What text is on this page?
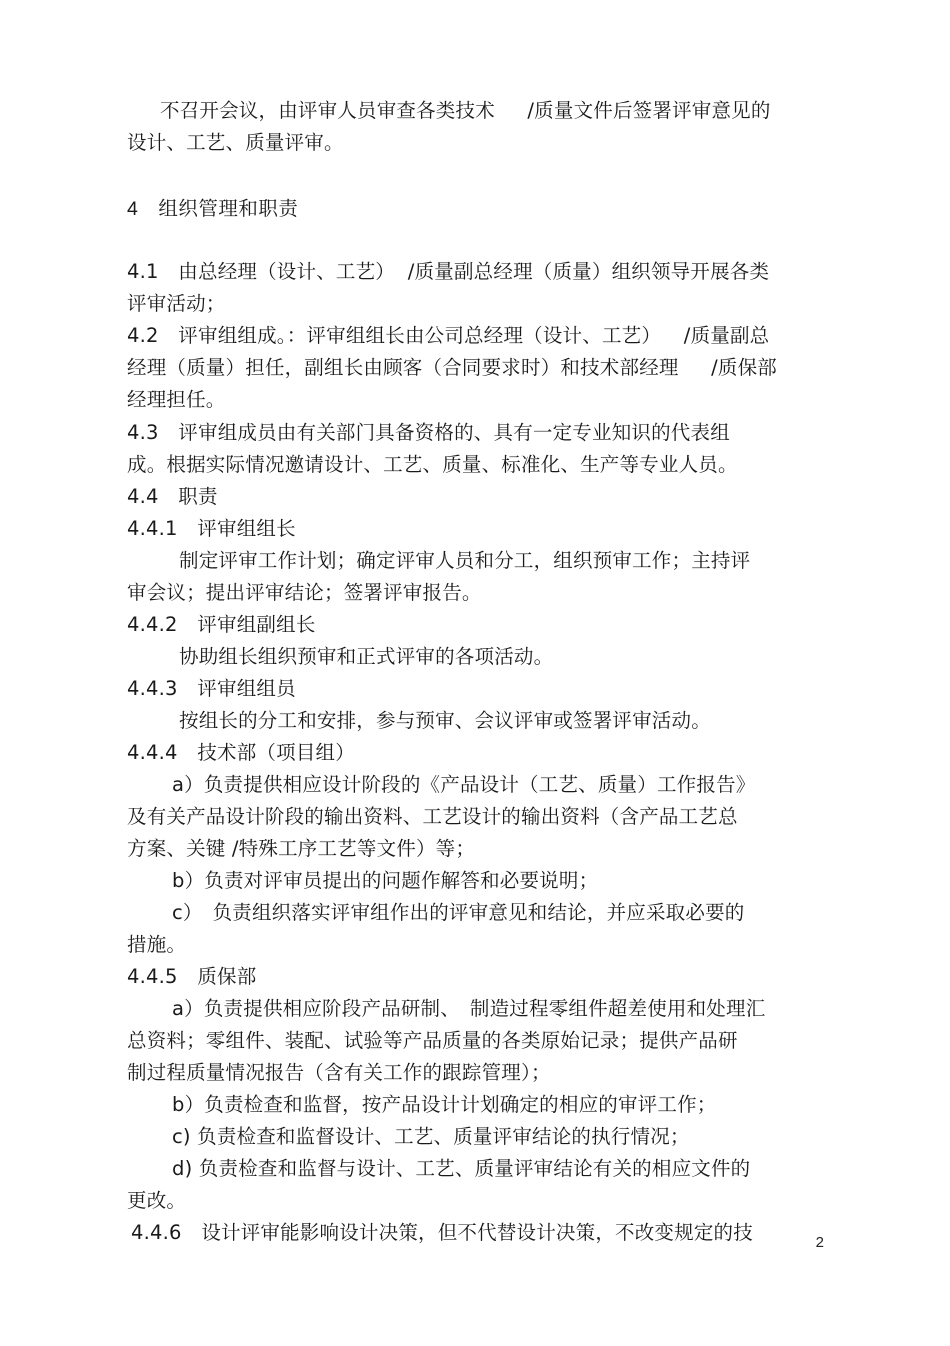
不召开会议，由评审人员审查各类技术　  /质量文件后签署评审意见的
设计、工艺、质量评审。
4　组织管理和职责
4.1　由总经理（设计、工艺）  /质量副总经理（质量）组织领导开展各类
评审活动；
4.2　评审组组成。：评审组组长由公司总经理（设计、工艺）　  /质量副总
经理（质量）担任，副组长由顾客（合同要求时）和技术部经理　  /质保部
经理担任。
4.3　评审组成员由有关部门具备资格的、具有一定专业知识的代表组
成。根据实际情况邀请设计、工艺、质量、标准化、生产等专业人员。
4.4　职责
4.4.1　评审组组长
制定评审工作计划；确定评审人员和分工，组织预审工作；主持评
审会议；提出评审结论；签署评审报告。
4.4.2　评审组副组长
协助组长组织预审和正式评审的各项活动。
4.4.3　评审组组员
按组长的分工和安排，参与预审、会议评审或签署评审活动。
4.4.4　技术部（项目组）
a）负责提供相应设计阶段的《产品设计（工艺、质量）工作报告》
及有关产品设计阶段的输出资料、工艺设计的输出资料（含产品工艺总
方案、关键 /特殊工序工艺等文件）等；
b）负责对评审员提出的问题作解答和必要说明；
c）　负责组织落实评审组作出的评审意见和结论，并应采取必要的
措施。
4.4.5　质保部
a）负责提供相应阶段产品研制、　制造过程零组件超差使用和处理汇
总资料；零组件、装配、试验等产品质量的各类原始记录；提供产品研
制过程质量情况报告（含有关工作的跟踪管理）；
b）负责检查和监督，按产品设计计划确定的相应的审评工作；
c) 负责检查和监督设计、工艺、质量评审结论的执行情况；
d) 负责检查和监督与设计、工艺、质量评审结论有关的相应文件的
更改。
4.4.6　设计评审能影响设计决策，但不代替设计决策，不改变规定的技	2
